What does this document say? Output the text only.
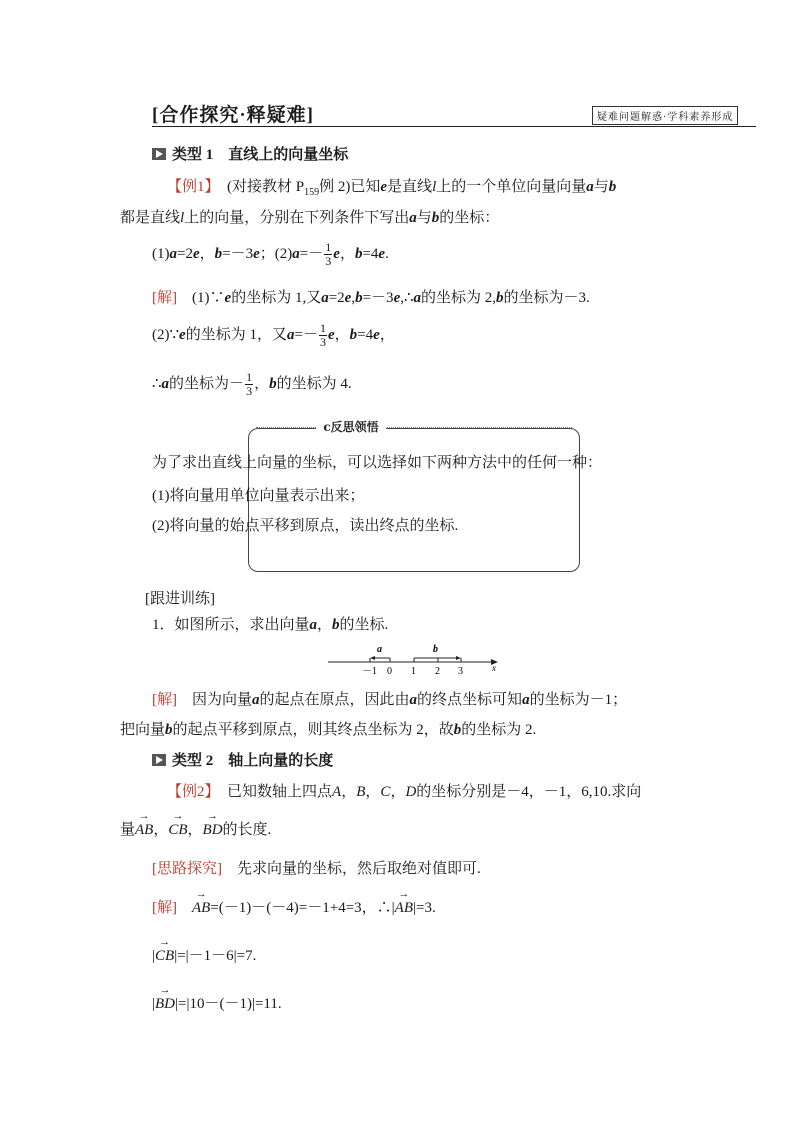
[合作探究·释疑难]	疑难问题解惑·学科素养形成
类型 1　 直线上的向量坐标
【例1】　 (对接教材 $P_{159}$例 2)已知e是直线l上的一个单位向量向量a与b
都是直线l上的向量，分别在下列条件下写出a与b的坐标：
(1)a=2e，b=－3e；$(2)a=- \frac{1}{3}$ e，b=4e.
[解]　 (1)∵e的坐标为 1,又a=2e,b=－3e,∴a的坐标为 2,b的坐标为－3.
(2)∵e的坐标为 1，又$a=- \frac{1}{3}$ e，b=4e，
∴a的坐标为－ $\frac{1}{3}$ ，b的坐标为 4.
ⅽ反思领悟
为了求出直线上向量的坐标，可以选择如下两种方法中的任何一种：
(1)将向量用单位向量表示出来；
(2)将向量的始点平移到原点，读出终点的坐标.
[跟进训练]
1．如图所示，求出向量a，b的坐标.
a	b
－1 0 1 2 3	x
[解]　 因为向量a的起点在原点，因此由a的终点坐标可知a的坐标为－1；
把向量b的起点平移到原点，则其终点坐标为 2，故b的坐标为 2.
类型 2　 轴上向量的长度
【例2】　 已知数轴上四点A，B，C，D的坐标分别是－4，－1，6,10.求向
量→ AB，→ CB，→ BD的长度.
[思路探究]　 先求向量的坐标，然后取绝对值即可.
[解]　→ AB=(－1)－(－4)=－1+4=3，∴|→ AB|=3.
|→ CB|=|－1－6|=7.
|→ BD|=|10－(－1)|=11.
